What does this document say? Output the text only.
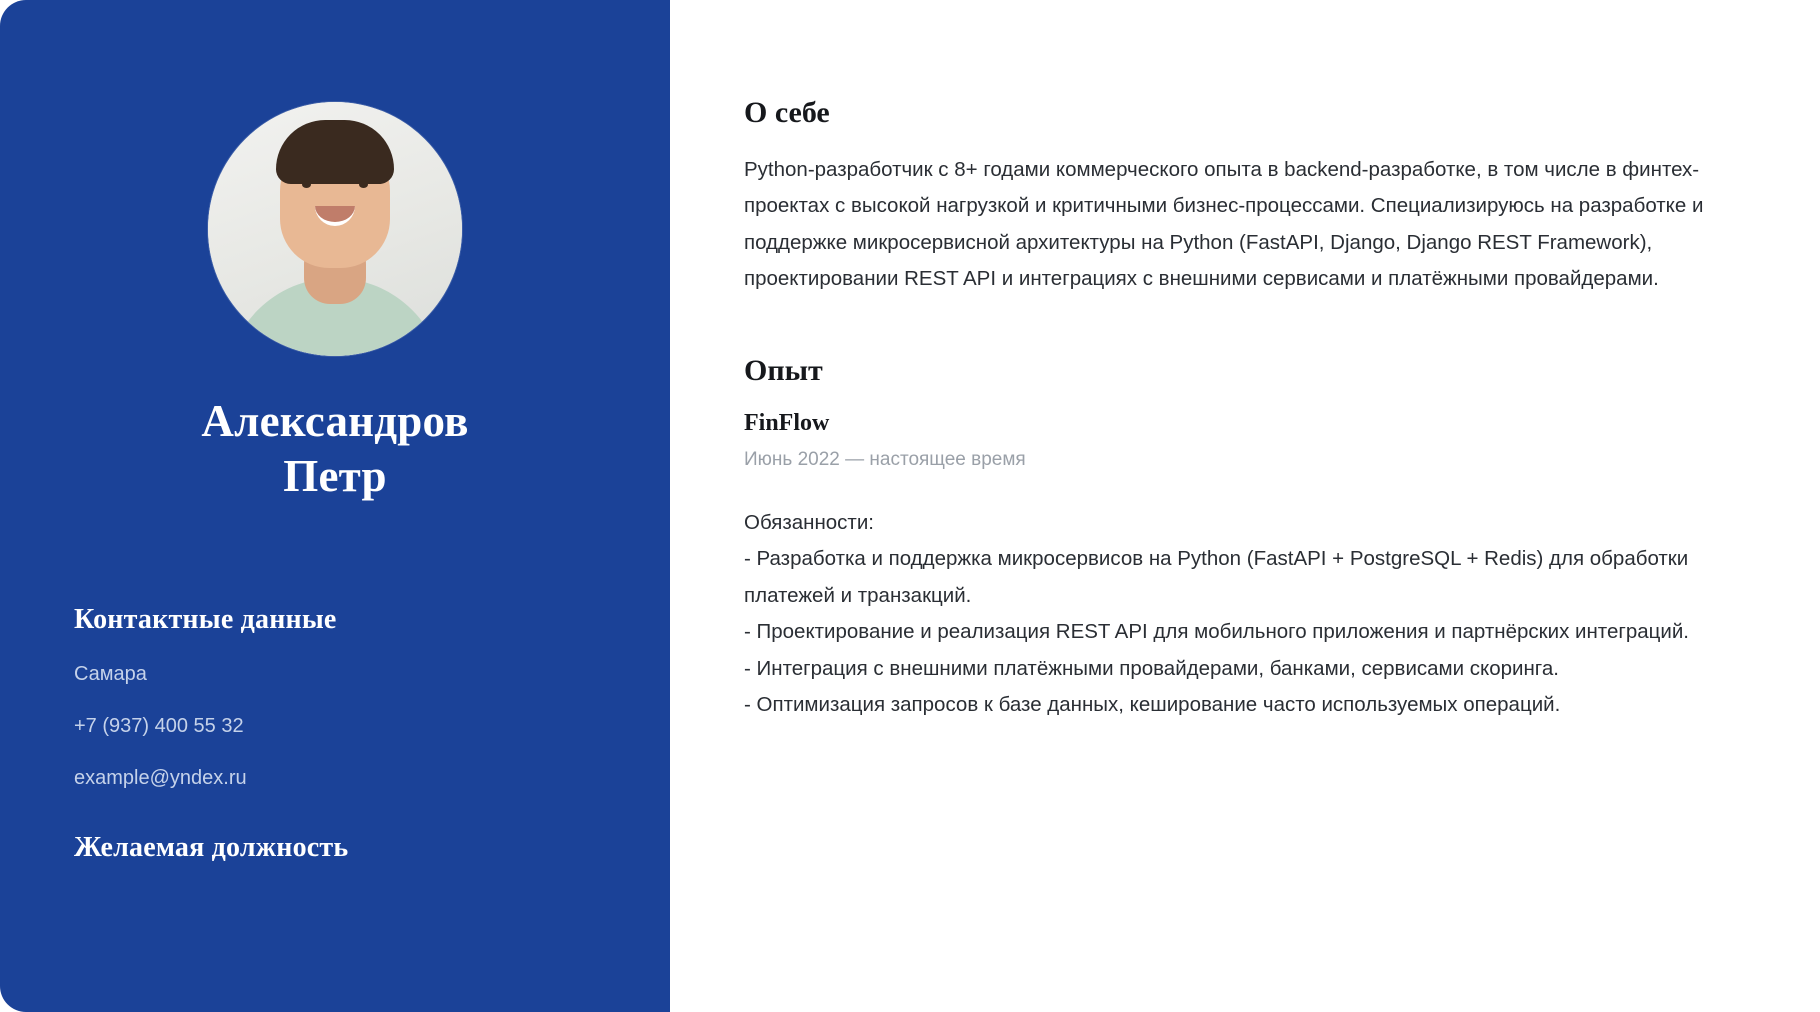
Александров
Петр
Контактные данные
Самара
+7 (937) 400 55 32
example@yndex.ru
Желаемая должность
О себе

Python-разработчик с 8+ годами коммерческого опыта в backend-разработке, в том числе в финтех-проектах с высокой нагрузкой и критичными бизнес-процессами. Специализируюсь на разработке и поддержке микросервисной архитектуры на Python (FastAPI, Django, Django REST Framework), проектировании REST API и интеграциях с внешними сервисами и платёжными провайдерами.

Опыт
FinFlow
Июнь 2022 — настоящее время
Обязанности:
- Разработка и поддержка микросервисов на Python (FastAPI + PostgreSQL + Redis) для обработки платежей и транзакций.
- Проектирование и реализация REST API для мобильного приложения и партнёрских интеграций.
- Интеграция с внешними платёжными провайдерами, банками, сервисами скоринга.
- Оптимизация запросов к базе данных, кеширование часто используемых операций.
